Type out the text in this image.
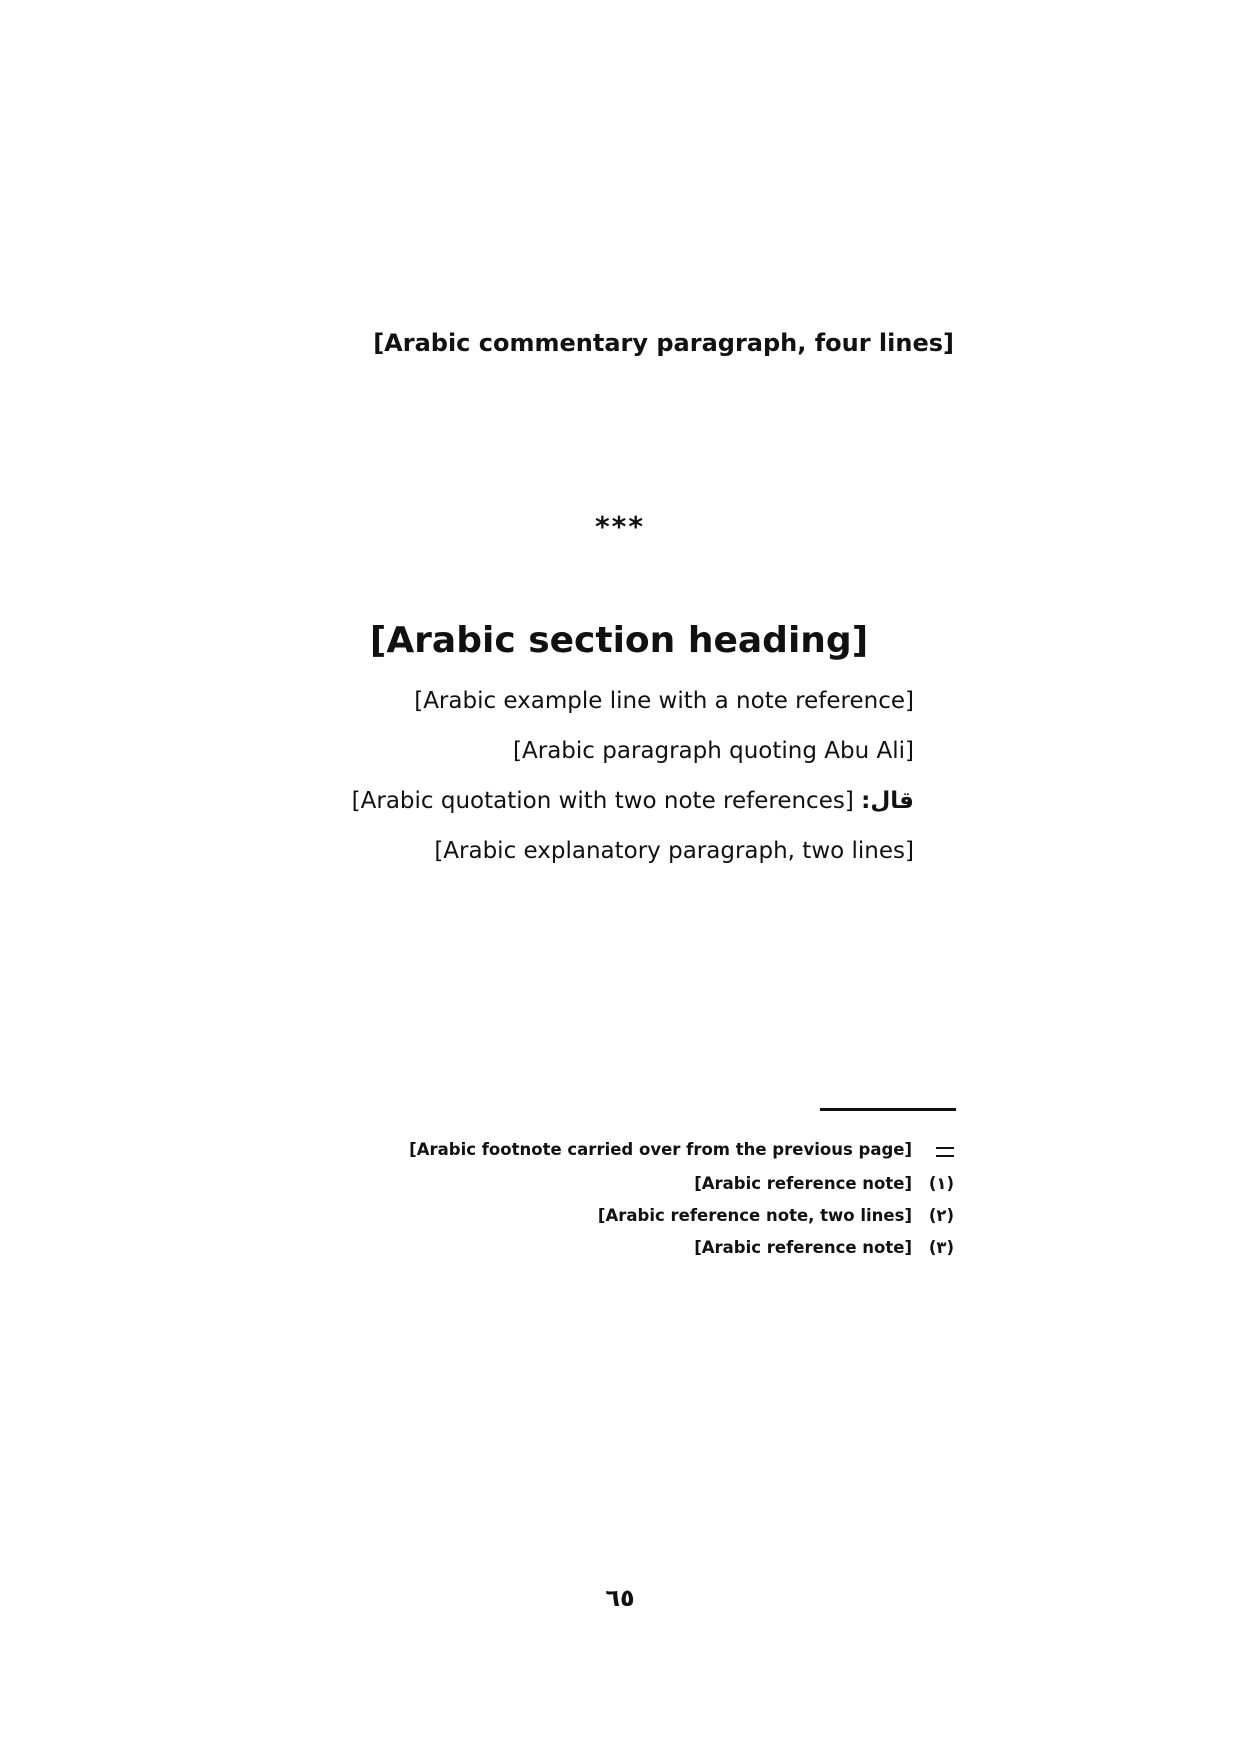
[Arabic commentary paragraph, four lines]
***
[Arabic section heading]

[Arabic example line with a note reference]

[Arabic paragraph quoting Abu Ali]

قال: [Arabic quotation with two note references]

[Arabic explanatory paragraph, two lines]

[Arabic footnote carried over from the previous page]
(١)
[Arabic reference note]
(٢)
[Arabic reference note, two lines]
(٣)
[Arabic reference note]
٦٥
